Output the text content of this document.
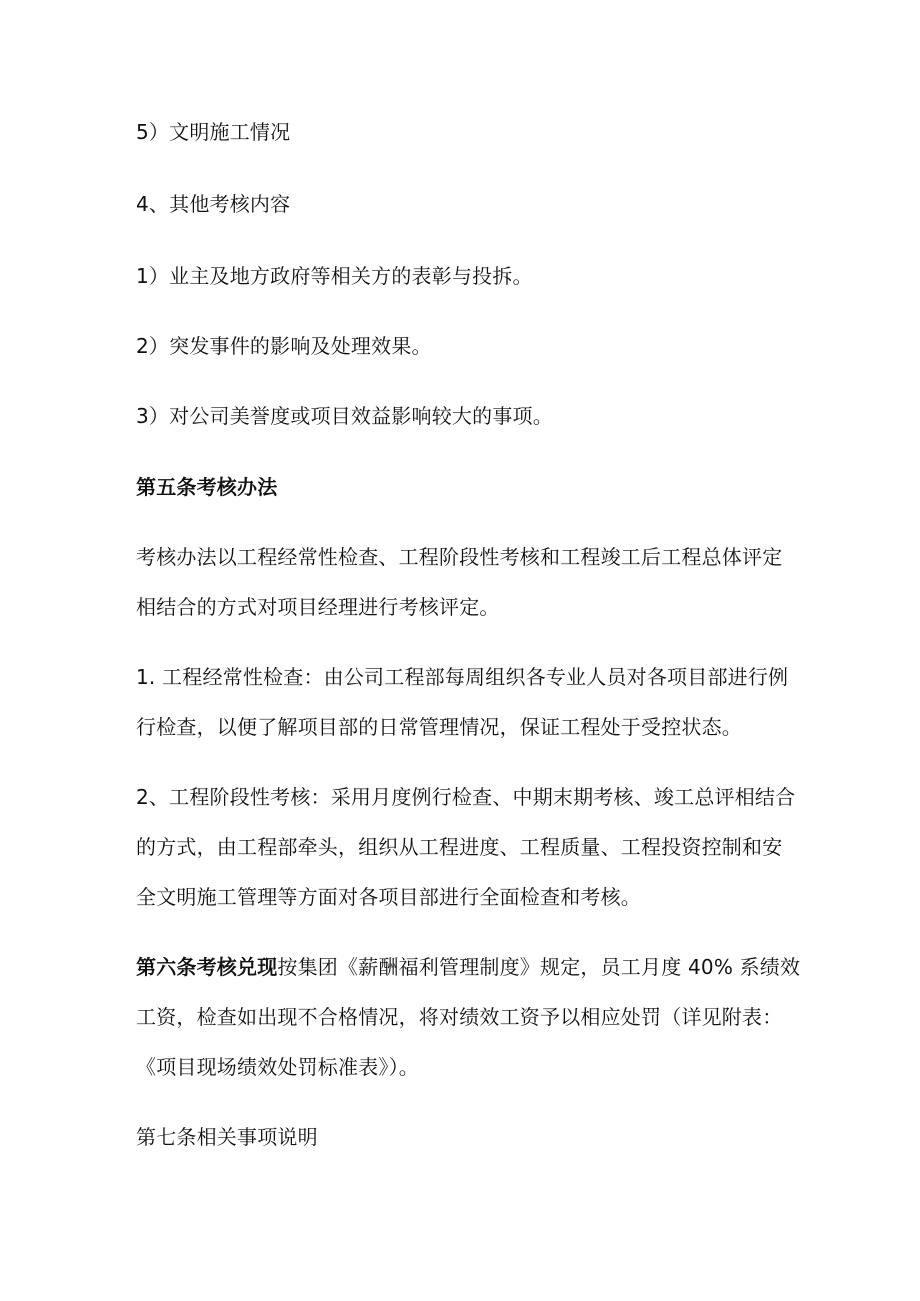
5）文明施工情况
4、其他考核内容
1）业主及地方政府等相关方的表彰与投拆。
2）突发事件的影响及处理效果。
3）对公司美誉度或项目效益影响较大的事项。
第五条考核办法
考核办法以工程经常性检查、工程阶段性考核和工程竣工后工程总体评定
相结合的方式对项目经理进行考核评定。
1. 工程经常性检查：由公司工程部每周组织各专业人员对各项目部进行例
行检查，以便了解项目部的日常管理情况，保证工程处于受控状态。
2、工程阶段性考核：采用月度例行检查、中期末期考核、竣工总评相结合
的方式，由工程部牵头，组织从工程进度、工程质量、工程投资控制和安
全文明施工管理等方面对各项目部进行全面检查和考核。
第六条考核兑现按集团《薪酬福利管理制度》规定，员工月度 40% 系绩效
工资，检查如出现不合格情况，将对绩效工资予以相应处罚（详见附表：
《项目现场绩效处罚标准表》）。
第七条相关事项说明
